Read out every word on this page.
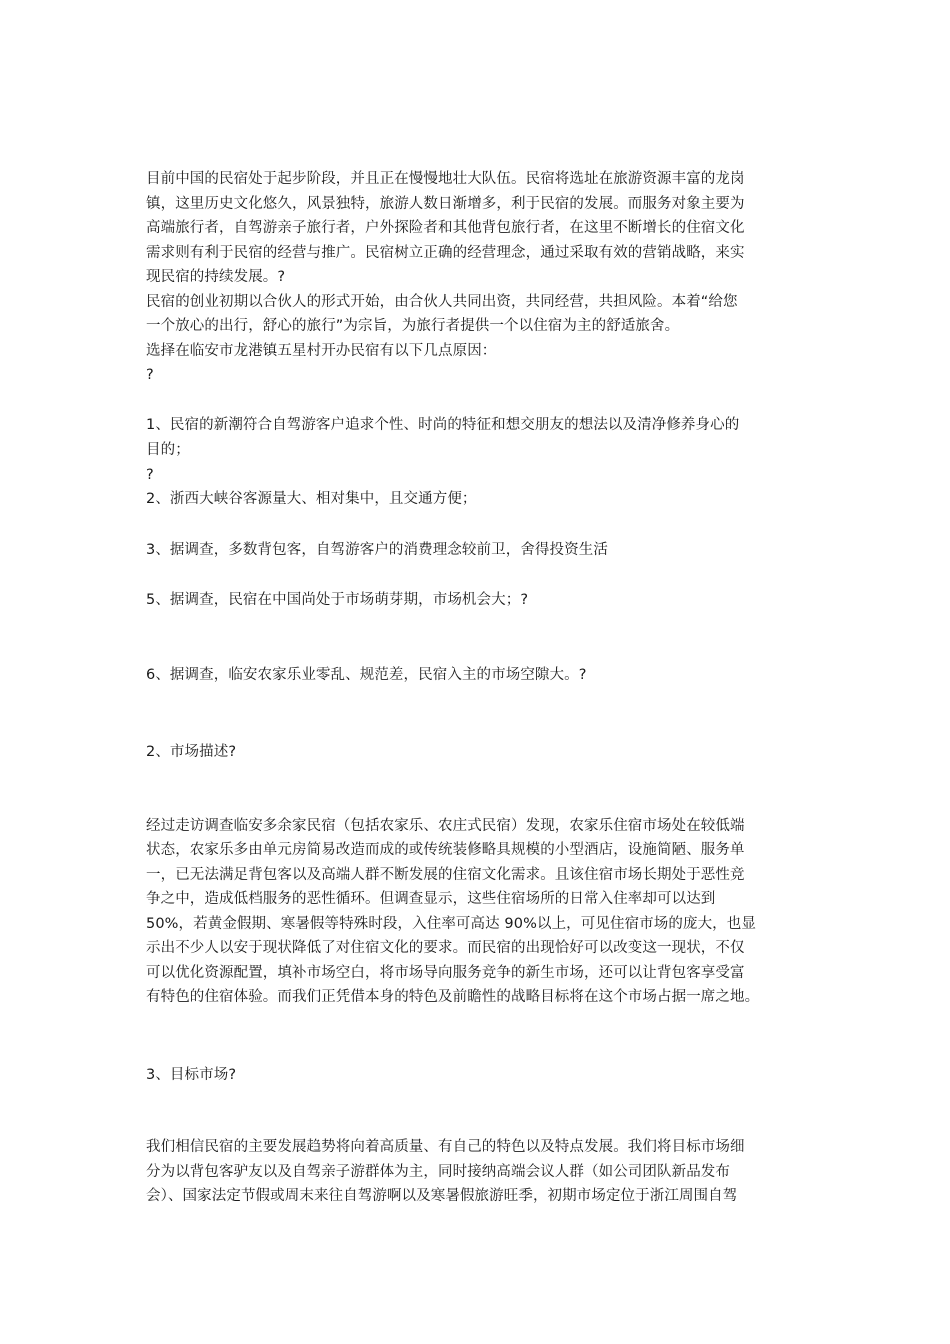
目前中国的民宿处于起步阶段，并且正在慢慢地壮大队伍。民宿将选址在旅游资源丰富的龙岗

镇，这里历史文化悠久，风景独特，旅游人数日渐增多，利于民宿的发展。而服务对象主要为

高端旅行者，自驾游亲子旅行者，户外探险者和其他背包旅行者，在这里不断增长的住宿文化

需求则有利于民宿的经营与推广。民宿树立正确的经营理念，通过采取有效的营销战略，来实

现民宿的持续发展。?

民宿的创业初期以合伙人的形式开始，由合伙人共同出资，共同经营，共担风险。本着“给您

一个放心的出行，舒心的旅行”为宗旨，为旅行者提供一个以住宿为主的舒适旅舍。

选择在临安市龙港镇五星村开办民宿有以下几点原因：

?

1、民宿的新潮符合自驾游客户追求个性、时尚的特征和想交朋友的想法以及清净修养身心的

目的；

?

2、浙西大峡谷客源量大、相对集中，且交通方便；

3、据调查，多数背包客，自驾游客户的消费理念较前卫，舍得投资生活

5、据调查，民宿在中国尚处于市场萌芽期，市场机会大；?

6、据调查，临安农家乐业零乱、规范差，民宿入主的市场空隙大。?

2、市场描述?

经过走访调查临安多余家民宿（包括农家乐、农庄式民宿）发现，农家乐住宿市场处在较低端

状态，农家乐多由单元房简易改造而成的或传统装修略具规模的小型酒店，设施简陋、服务单

一，已无法满足背包客以及高端人群不断发展的住宿文化需求。且该住宿市场长期处于恶性竞

争之中，造成低档服务的恶性循环。但调查显示，这些住宿场所的日常入住率却可以达到

50%，若黄金假期、寒暑假等特殊时段，入住率可高达 90%以上，可见住宿市场的庞大，也显

示出不少人以安于现状降低了对住宿文化的要求。而民宿的出现恰好可以改变这一现状，不仅

可以优化资源配置，填补市场空白，将市场导向服务竞争的新生市场，还可以让背包客享受富

有特色的住宿体验。而我们正凭借本身的特色及前瞻性的战略目标将在这个市场占据一席之地。

3、目标市场?

我们相信民宿的主要发展趋势将向着高质量、有自己的特色以及特点发展。我们将目标市场细

分为以背包客驴友以及自驾亲子游群体为主，同时接纳高端会议人群（如公司团队新品发布

会）、国家法定节假或周末来往自驾游啊以及寒暑假旅游旺季，初期市场定位于浙江周围自驾
